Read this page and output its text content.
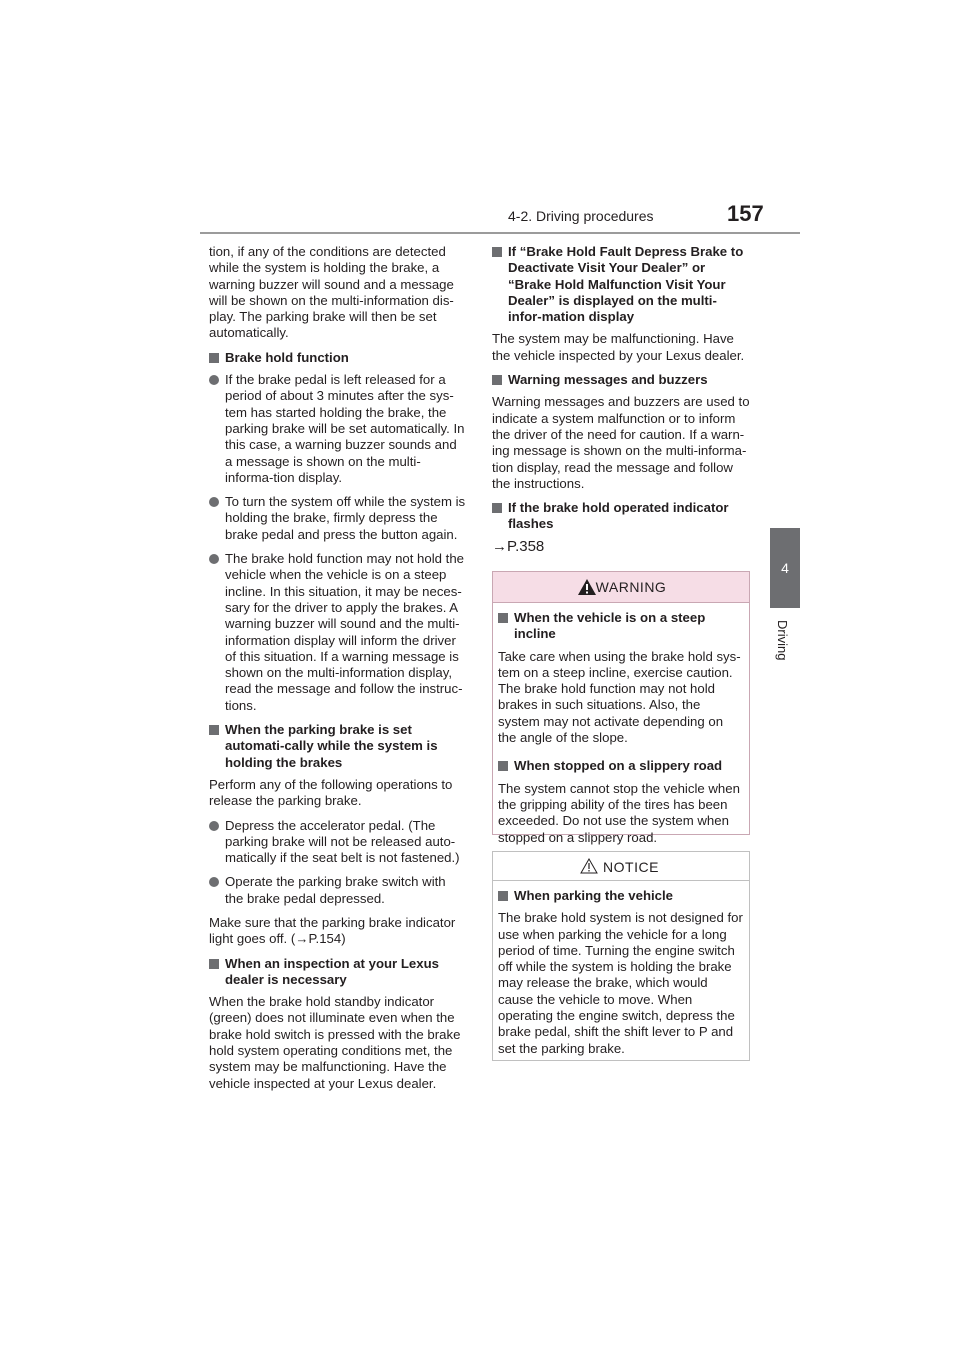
4-2. Driving procedures	157
4
Driving

tion, if any of the conditions are detected while the system is holding the brake, a warning buzzer will sound and a message will be shown on the multi-information dis-play. The parking brake will then be set automatically.

Brake hold function
If the brake pedal is left released for a period of about 3 minutes after the sys-tem has started holding the brake, the parking brake will be set automatically. In this case, a warning buzzer sounds and a message is shown on the multi-informa-tion display.
To turn the system off while the system is holding the brake, firmly depress the brake pedal and press the button again.
The brake hold function may not hold the vehicle when the vehicle is on a steep incline. In this situation, it may be neces-sary for the driver to apply the brakes. A warning buzzer will sound and the multi-information display will inform the driver of this situation. If a warning message is shown on the multi-information display, read the message and follow the instruc-tions.
When the parking brake is set automati-cally while the system is holding the brakes

Perform any of the following operations to release the parking brake.

Depress the accelerator pedal. (The parking brake will not be released auto-matically if the seat belt is not fastened.)
Operate the parking brake switch with the brake pedal depressed.

Make sure that the parking brake indicator light goes off. (→P.154)

When an inspection at your Lexus dealer is necessary

When the brake hold standby indicator (green) does not illuminate even when the brake hold switch is pressed with the brake hold system operating conditions met, the system may be malfunctioning. Have the vehicle inspected at your Lexus dealer.

If “Brake Hold Fault Depress Brake to Deactivate Visit Your Dealer” or “Brake Hold Malfunction Visit Your Dealer” is displayed on the multi-infor-mation display

The system may be malfunctioning. Have the vehicle inspected by your Lexus dealer.

Warning messages and buzzers

Warning messages and buzzers are used to indicate a system malfunction or to inform the driver of the need for caution. If a warn-ing message is shown on the multi-informa-tion display, read the message and follow the instructions.

If the brake hold operated indicator flashes

→P.358

WARNING
When the vehicle is on a steep incline

Take care when using the brake hold sys-tem on a steep incline, exercise caution. The brake hold function may not hold brakes in such situations. Also, the system may not activate depending on the angle of the slope.

When stopped on a slippery road

The system cannot stop the vehicle when the gripping ability of the tires has been exceeded. Do not use the system when stopped on a slippery road.

NOTICE
When parking the vehicle

The brake hold system is not designed for use when parking the vehicle for a long period of time. Turning the engine switch off while the system is holding the brake may release the brake, which would cause the vehicle to move. When operating the engine switch, depress the brake pedal, shift the shift lever to P and set the parking brake.
